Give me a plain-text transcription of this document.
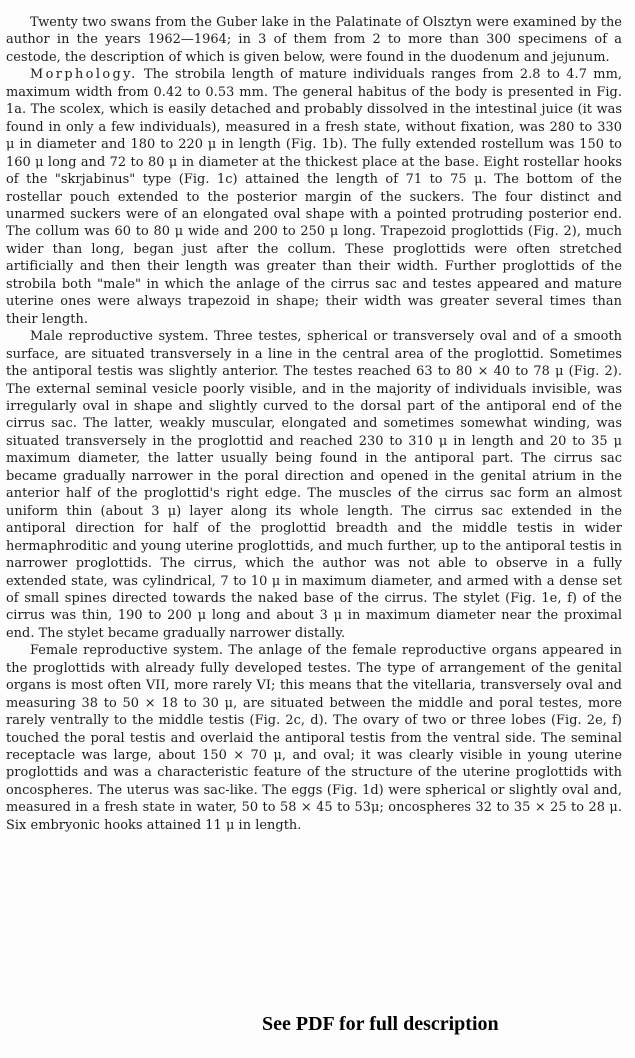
Twenty two swans from the Guber lake in the Palatinate of Olsztyn were examined by the author in the years 1962—1964; in 3 of them from 2 to more than 300 specimens of a cestode, the description of which is given below, were found in the duodenum and jejunum.

Morphology. The strobila length of mature individuals ranges from 2.8 to 4.7 mm, maximum width from 0.42 to 0.53 mm. The general habitus of the body is presented in Fig. 1a. The scolex, which is easily detached and probably dissolved in the intestinal juice (it was found in only a few individuals), measured in a fresh state, without fixation, was 280 to 330 μ in diameter and 180 to 220 μ in length (Fig. 1b). The fully extended rostellum was 150 to 160 μ long and 72 to 80 μ in diameter at the thickest place at the base. Eight rostellar hooks of the "skrjabinus" type (Fig. 1c) attained the length of 71 to 75 μ. The bottom of the rostellar pouch extended to the posterior margin of the suckers. The four distinct and unarmed suckers were of an elongated oval shape with a pointed protruding posterior end. The collum was 60 to 80 μ wide and 200 to 250 μ long. Trapezoid proglottids (Fig. 2), much wider than long, began just after the collum. These proglottids were often stretched artificially and then their length was greater than their width. Further proglottids of the strobila both "male" in which the anlage of the cirrus sac and testes appeared and mature uterine ones were always trapezoid in shape; their width was greater several times than their length.

Male reproductive system. Three testes, spherical or transversely oval and of a smooth surface, are situated transversely in a line in the central area of the proglottid. Sometimes the antiporal testis was slightly anterior. The testes reached 63 to 80 × 40 to 78 μ (Fig. 2). The external seminal vesicle poorly visible, and in the majority of individuals invisible, was irregularly oval in shape and slightly curved to the dorsal part of the antiporal end of the cirrus sac. The latter, weakly muscular, elongated and sometimes somewhat winding, was situated transversely in the proglottid and reached 230 to 310 μ in length and 20 to 35 μ maximum diameter, the latter usually being found in the antiporal part. The cirrus sac became gradually narrower in the poral direction and opened in the genital atrium in the anterior half of the proglottid's right edge. The muscles of the cirrus sac form an almost uniform thin (about 3 μ) layer along its whole length. The cirrus sac extended in the antiporal direction for half of the proglottid breadth and the middle testis in wider hermaphroditic and young uterine proglottids, and much further, up to the antiporal testis in narrower proglottids. The cirrus, which the author was not able to observe in a fully extended state, was cylindrical, 7 to 10 μ in maximum diameter, and armed with a dense set of small spines directed towards the naked base of the cirrus. The stylet (Fig. 1e, f) of the cirrus was thin, 190 to 200 μ long and about 3 μ in maximum diameter near the proximal end. The stylet became gradually narrower distally.

Female reproductive system. The anlage of the female reproductive organs appeared in the proglottids with already fully developed testes. The type of arrangement of the genital organs is most often VII, more rarely VI; this means that the vitellaria, transversely oval and measuring 38 to 50 × 18 to 30 μ, are situated between the middle and poral testes, more rarely ventrally to the middle testis (Fig. 2c, d). The ovary of two or three lobes (Fig. 2e, f) touched the poral testis and overlaid the antiporal testis from the ventral side. The seminal receptacle was large, about 150 × 70 μ, and oval; it was clearly visible in young uterine proglottids and was a characteristic feature of the structure of the uterine proglottids with oncospheres. The uterus was sac-like. The eggs (Fig. 1d) were spherical or slightly oval and, measured in a fresh state in water, 50 to 58 × 45 to 53μ; oncospheres 32 to 35 × 25 to 28 μ. Six embryonic hooks attained 11 μ in length.

See PDF for full description
